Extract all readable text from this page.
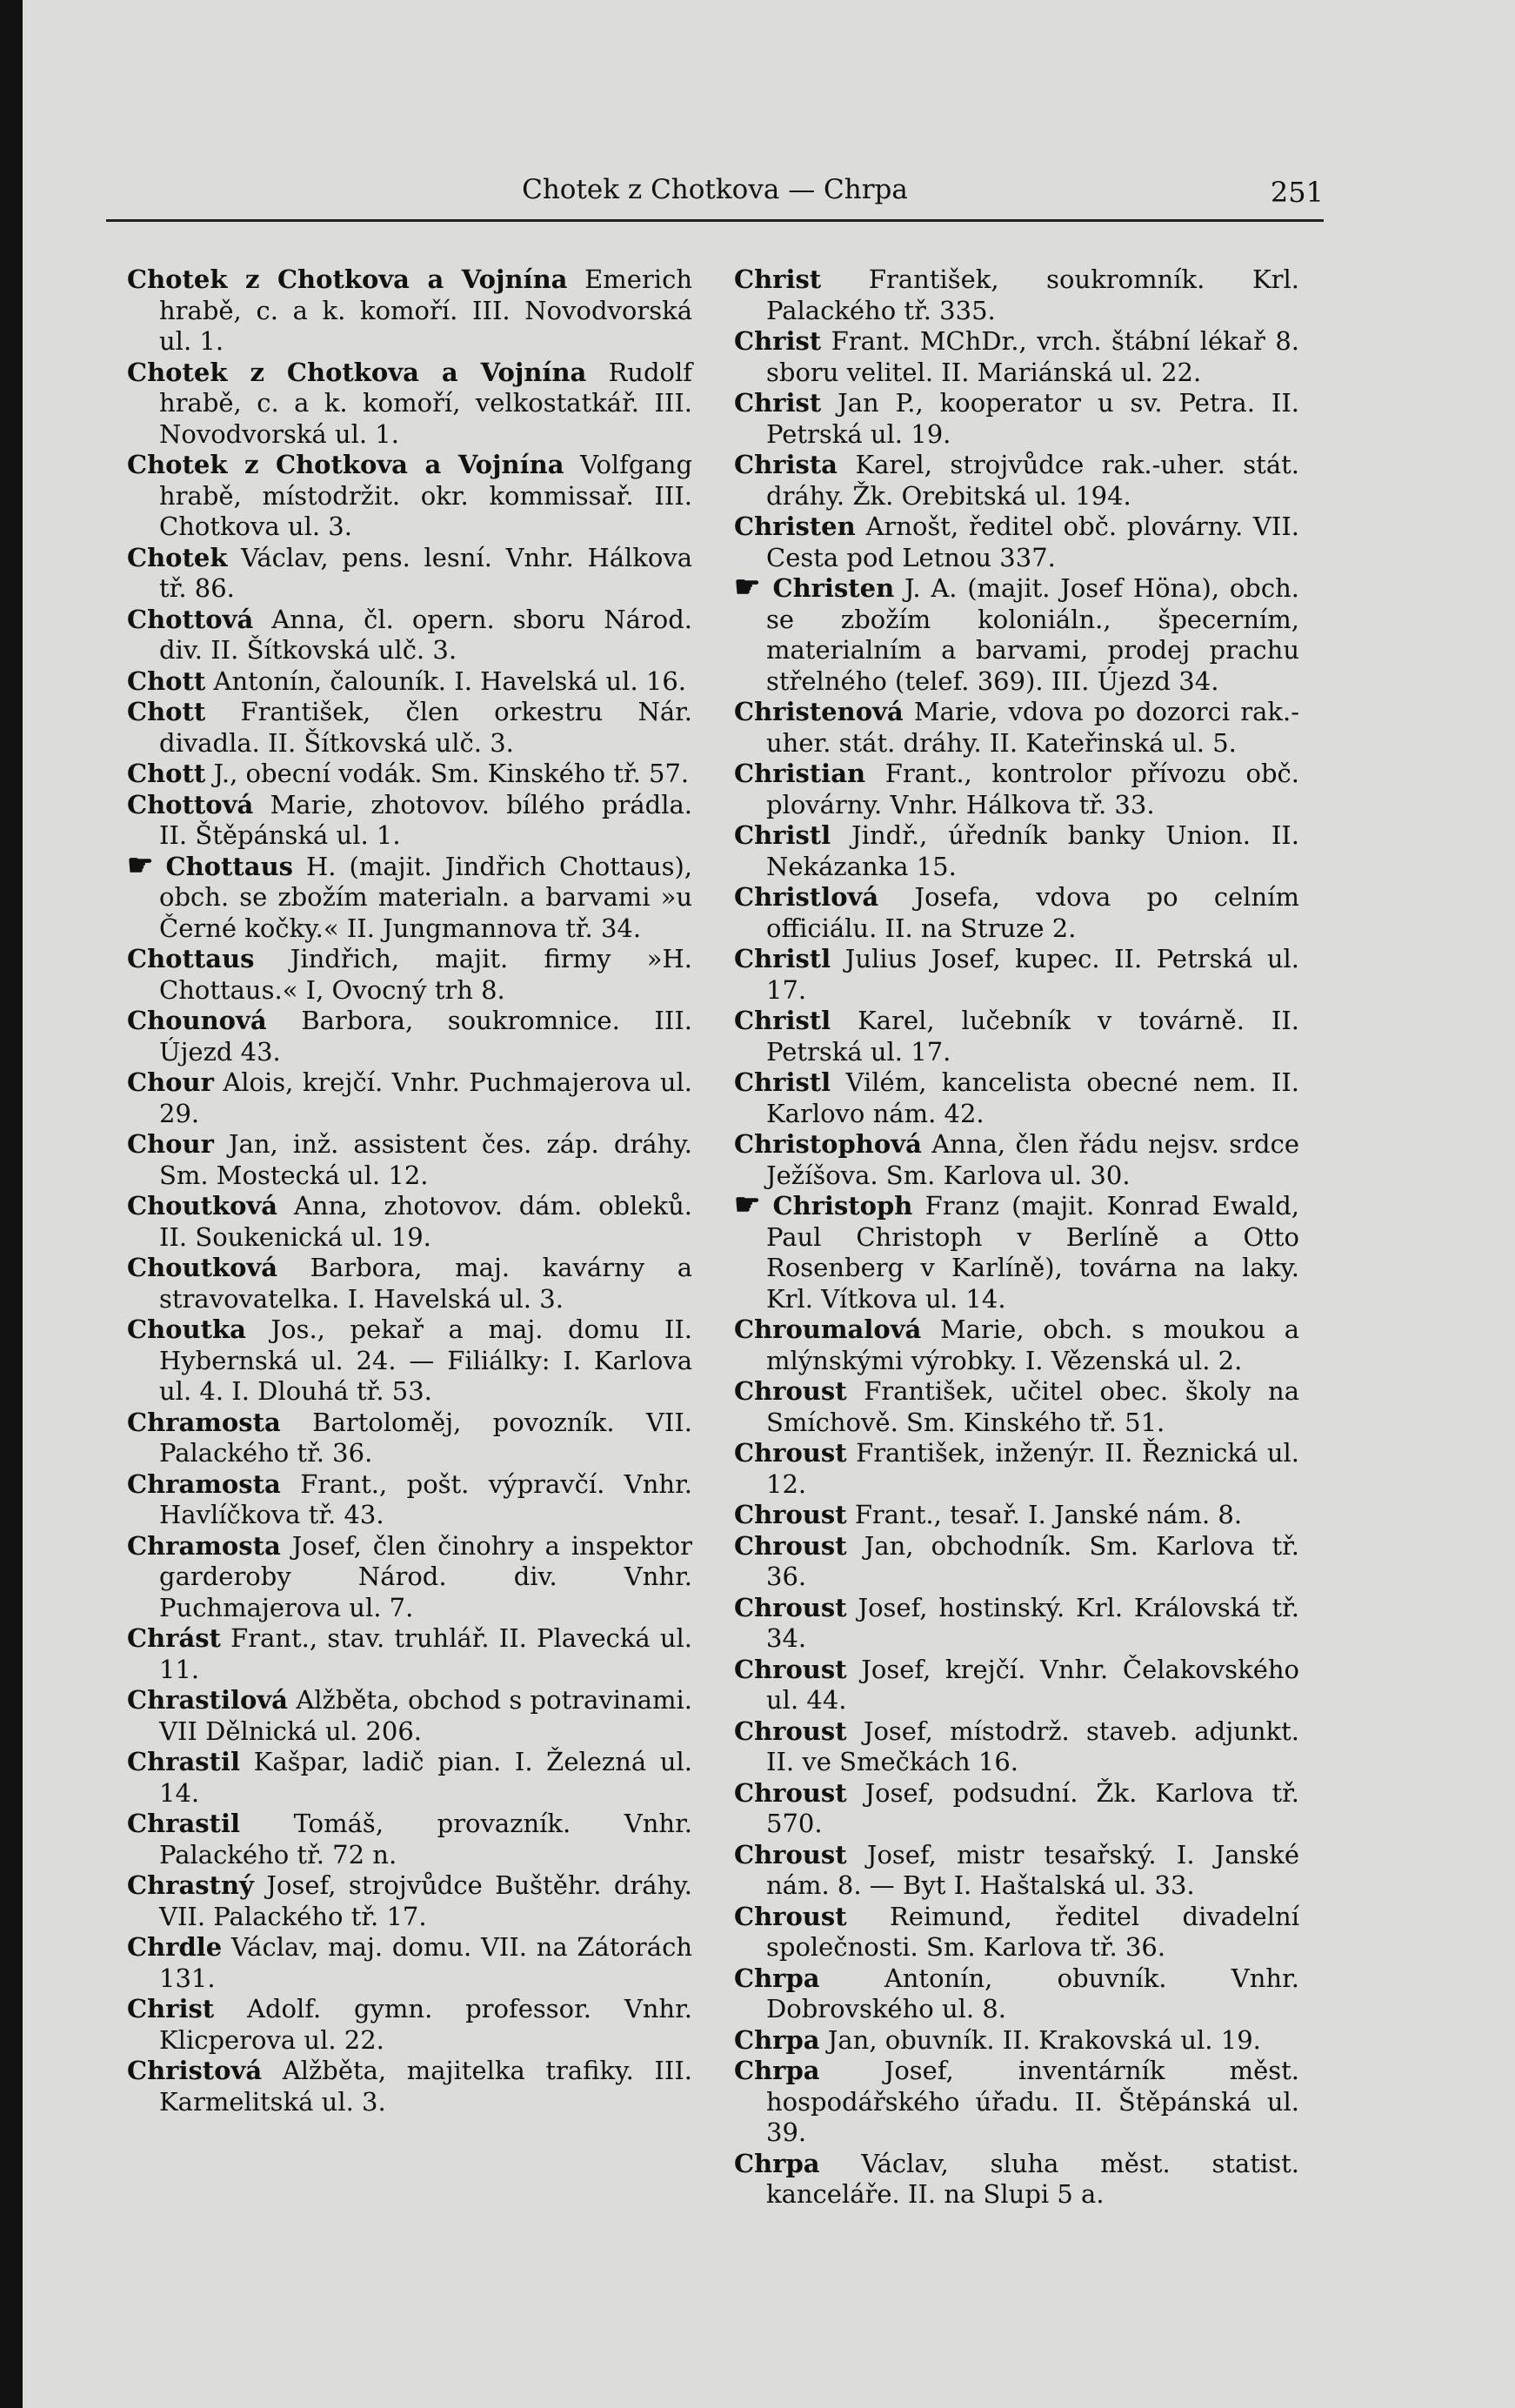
Chotek z Chotkova — Chrpa	251

Chotek z Chotkova a Vojnína Emerich hrabě, c. a k. komoří. III. Novodvorská ul. 1.

Chotek z Chotkova a Vojnína Rudolf hrabě, c. a k. komoří, velkostatkář. III. Novodvorská ul. 1.

Chotek z Chotkova a Vojnína Volfgang hrabě, místodržit. okr. kommissař. III. Chotkova ul. 3.

Chotek Václav, pens. lesní. Vnhr. Hálkova tř. 86.

Chottová Anna, čl. opern. sboru Národ. div. II. Šítkovská ulč. 3.

Chott Antonín, čalouník. I. Havelská ul. 16.

Chott František, člen orkestru Nár. divadla. II. Šítkovská ulč. 3.

Chott J., obecní vodák. Sm. Kinského tř. 57.

Chottová Marie, zhotovov. bílého prádla. II. Štěpánská ul. 1.

☛ Chottaus H. (majit. Jindřich Chottaus), obch. se zbožím materialn. a barvami »u Černé kočky.« II. Jungmannova tř. 34.

Chottaus Jindřich, majit. firmy »H. Chottaus.« I, Ovocný trh 8.

Chounová Barbora, soukromnice. III. Újezd 43.

Chour Alois, krejčí. Vnhr. Puchmajerova ul. 29.

Chour Jan, inž. assistent čes. záp. dráhy. Sm. Mostecká ul. 12.

Choutková Anna, zhotovov. dám. obleků. II. Soukenická ul. 19.

Choutková Barbora, maj. kavárny a stravovatelka. I. Havelská ul. 3.

Choutka Jos., pekař a maj. domu II. Hybernská ul. 24. — Filiálky: I. Karlova ul. 4. I. Dlouhá tř. 53.

Chramosta Bartoloměj, povozník. VII. Palackého tř. 36.

Chramosta Frant., pošt. výpravčí. Vnhr. Havlíčkova tř. 43.

Chramosta Josef, člen činohry a inspektor garderoby Národ. div. Vnhr. Puchmajerova ul. 7.

Chrást Frant., stav. truhlář. II. Plavecká ul. 11.

Chrastilová Alžběta, obchod s potravinami. VII Dělnická ul. 206.

Chrastil Kašpar, ladič pian. I. Železná ul. 14.

Chrastil Tomáš, provazník. Vnhr. Palackého tř. 72 n.

Chrastný Josef, strojvůdce Buštěhr. dráhy. VII. Palackého tř. 17.

Chrdle Václav, maj. domu. VII. na Zátorách 131.

Christ Adolf. gymn. professor. Vnhr. Klicperova ul. 22.

Christová Alžběta, majitelka trafiky. III. Karmelitská ul. 3.

Christ František, soukromník. Krl. Palackého tř. 335.

Christ Frant. MChDr., vrch. štábní lékař 8. sboru velitel. II. Mariánská ul. 22.

Christ Jan P., kooperator u sv. Petra. II. Petrská ul. 19.

Christa Karel, strojvůdce rak.-uher. stát. dráhy. Žk. Orebitská ul. 194.

Christen Arnošt, ředitel obč. plovárny. VII. Cesta pod Letnou 337.

☛ Christen J. A. (majit. Josef Höna), obch. se zbožím koloniáln., špecerním, materialním a barvami, prodej prachu střelného (telef. 369). III. Újezd 34.

Christenová Marie, vdova po dozorci rak.-uher. stát. dráhy. II. Kateřinská ul. 5.

Christian Frant., kontrolor přívozu obč. plovárny. Vnhr. Hálkova tř. 33.

Christl Jindř., úředník banky Union. II. Nekázanka 15.

Christlová Josefa, vdova po celním officiálu. II. na Struze 2.

Christl Julius Josef, kupec. II. Petrská ul. 17.

Christl Karel, lučebník v továrně. II. Petrská ul. 17.

Christl Vilém, kancelista obecné nem. II. Karlovo nám. 42.

Christophová Anna, člen řádu nejsv. srdce Ježíšova. Sm. Karlova ul. 30.

☛ Christoph Franz (majit. Konrad Ewald, Paul Christoph v Berlíně a Otto Rosenberg v Karlíně), továrna na laky. Krl. Vítkova ul. 14.

Chroumalová Marie, obch. s moukou a mlýnskými výrobky. I. Vězenská ul. 2.

Chroust František, učitel obec. školy na Smíchově. Sm. Kinského tř. 51.

Chroust František, inženýr. II. Řeznická ul. 12.

Chroust Frant., tesař. I. Janské nám. 8.

Chroust Jan, obchodník. Sm. Karlova tř. 36.

Chroust Josef, hostinský. Krl. Královská tř. 34.

Chroust Josef, krejčí. Vnhr. Čelakovského ul. 44.

Chroust Josef, místodrž. staveb. adjunkt. II. ve Smečkách 16.

Chroust Josef, podsudní. Žk. Karlova tř. 570.

Chroust Josef, mistr tesařský. I. Janské nám. 8. — Byt I. Haštalská ul. 33.

Chroust Reimund, ředitel divadelní společnosti. Sm. Karlova tř. 36.

Chrpa	Antonín, obuvník. Vnhr. Dobrovského ul. 8.

Chrpa Jan, obuvník. II. Krakovská ul. 19.

Chrpa	Josef, inventárník měst. hospodářského úřadu. II. Štěpánská ul. 39.

Chrpa Václav, sluha měst. statist. kanceláře. II. na Slupi 5 a.
